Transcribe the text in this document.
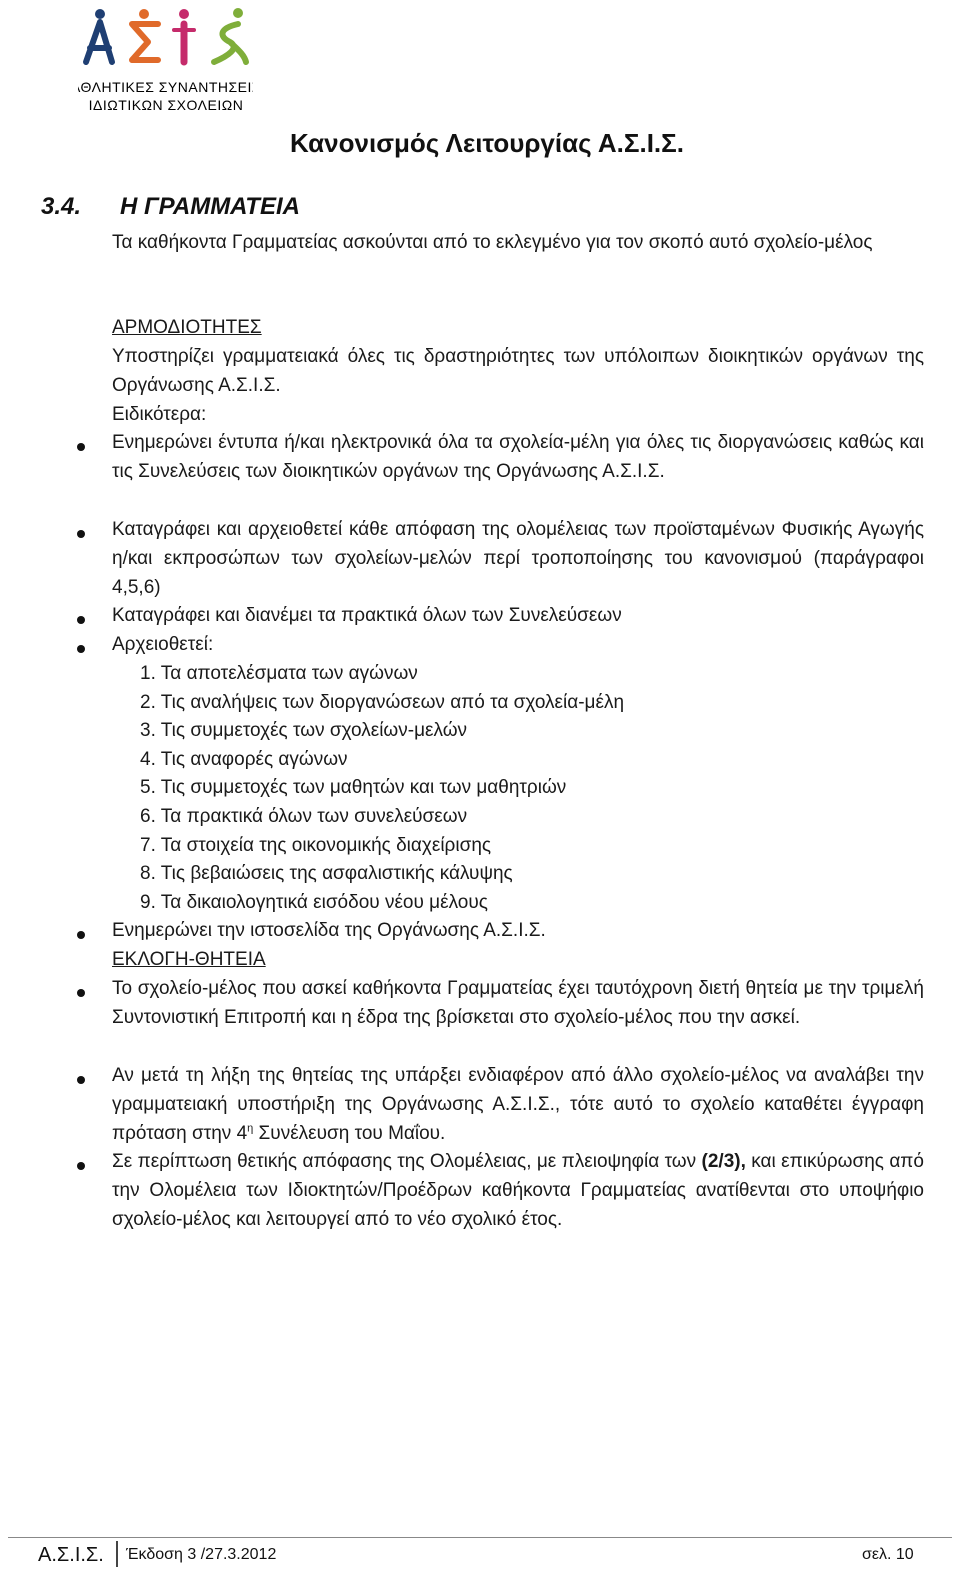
ΑΘΛΗΤΙΚΕΣ ΣΥΝΑΝΤΗΣΕΙΣ
ΙΔΙΩΤΙΚΩΝ ΣΧΟΛΕΙΩΝ
Κανονισμός Λειτουργίας Α.Σ.Ι.Σ.
3.4. Η ΓΡΑΜΜΑΤΕΙΑ
Τα καθήκοντα Γραμματείας ασκούνται από το εκλεγμένο για τον σκοπό αυτό σχολείο-μέλος
ΑΡΜΟΔΙΟΤΗΤΕΣ
Υποστηρίζει γραμματειακά όλες τις δραστηριότητες των υπόλοιπων διοικητικών οργάνων της Οργάνωσης Α.Σ.Ι.Σ.
Ειδικότερα:
Ενημερώνει έντυπα ή/και ηλεκτρονικά όλα τα σχολεία-μέλη για όλες τις διοργανώσεις καθώς και τις Συνελεύσεις των διοικητικών οργάνων της Οργάνωσης Α.Σ.Ι.Σ.
Καταγράφει και αρχειοθετεί κάθε απόφαση της ολομέλειας των προϊσταμένων Φυσικής Αγωγής η/και εκπροσώπων των σχολείων-μελών περί τροποποίησης του κανονισμού (παράγραφοι 4,5,6)
Καταγράφει και διανέμει τα πρακτικά όλων των Συνελεύσεων
Αρχειοθετεί:
1. Τα αποτελέσματα των αγώνων
2. Τις αναλήψεις των διοργανώσεων από τα σχολεία-μέλη
3. Τις συμμετοχές των σχολείων-μελών
4. Τις αναφορές αγώνων
5. Τις συμμετοχές των μαθητών και των μαθητριών
6. Τα πρακτικά όλων των συνελεύσεων
7. Τα στοιχεία της οικονομικής διαχείρισης
8. Τις βεβαιώσεις της ασφαλιστικής κάλυψης
9. Τα δικαιολογητικά εισόδου νέου μέλους
Ενημερώνει την ιστοσελίδα της Οργάνωσης Α.Σ.Ι.Σ.
ΕΚΛΟΓΗ-ΘΗΤΕΙΑ
Το σχολείο-μέλος που ασκεί καθήκοντα Γραμματείας έχει ταυτόχρονη διετή θητεία με την τριμελή Συντονιστική Επιτροπή και η έδρα της βρίσκεται στο σχολείο-μέλος που την ασκεί.
Αν μετά τη λήξη της θητείας της υπάρξει ενδιαφέρον από άλλο σχολείο-μέλος να αναλάβει την γραμματειακή υποστήριξη της Οργάνωσης Α.Σ.Ι.Σ., τότε αυτό το σχολείο καταθέτει έγγραφη πρόταση στην $4^\eta$ Συνέλευση του Μαΐου.
Σε περίπτωση θετικής απόφασης της Ολομέλειας, με πλειοψηφία των (2/3), και επικύρωσης από την Ολομέλεια των Ιδιοκτητών/Προέδρων καθήκοντα Γραμματείας ανατίθενται στο υποψήφιο σχολείο-μέλος και λειτουργεί από το νέο σχολικό έτος.
Α.Σ.Ι.Σ. Έκδοση 3 /27.3.2012	σελ. 10
